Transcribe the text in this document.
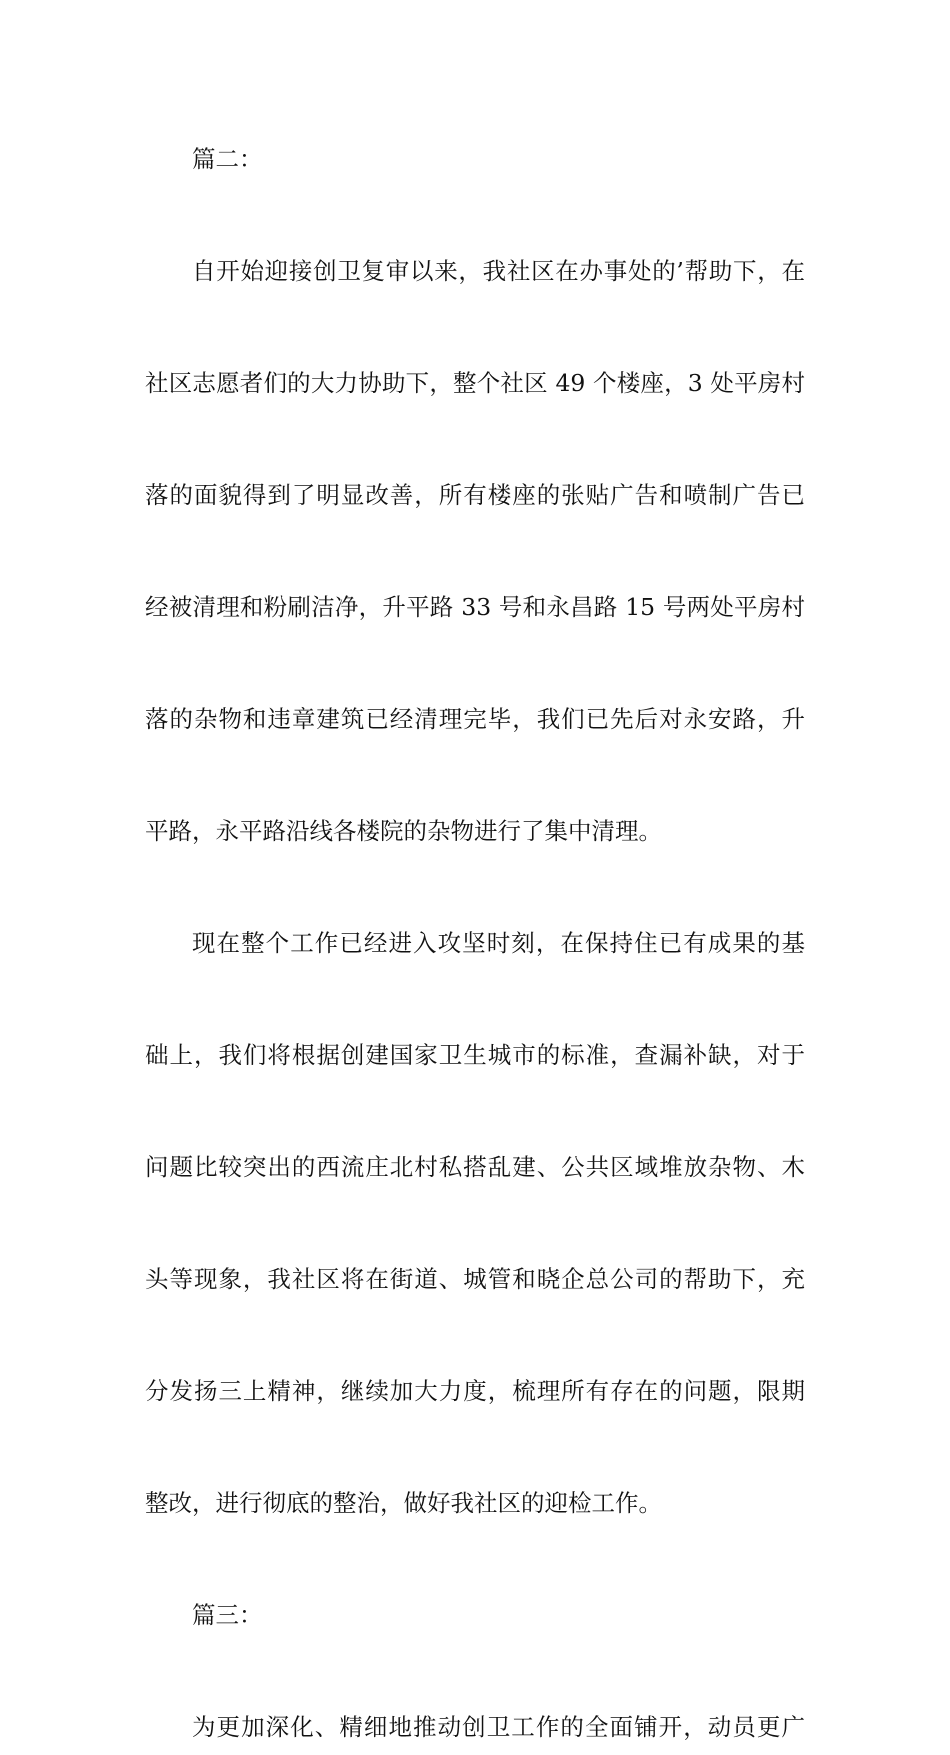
篇二：
自开始迎接创卫复审以来，我社区在办事处的’帮助下，在
社区志愿者们的大力协助下，整个社区 49 个楼座，3 处平房村
落的面貌得到了明显改善，所有楼座的张贴广告和喷制广告已
经被清理和粉刷洁净，升平路 33 号和永昌路 15 号两处平房村
落的杂物和违章建筑已经清理完毕，我们已先后对永安路，升
平路，永平路沿线各楼院的杂物进行了集中清理。
现在整个工作已经进入攻坚时刻，在保持住已有成果的基
础上，我们将根据创建国家卫生城市的标准，查漏补缺，对于
问题比较突出的西流庄北村私搭乱建、公共区域堆放杂物、木
头等现象，我社区将在街道、城管和晓企总公司的帮助下，充
分发扬三上精神，继续加大力度，梳理所有存在的问题，限期
整改，进行彻底的整治，做好我社区的迎检工作。
篇三：
为更加深化、精细地推动创卫工作的全面铺开，动员更广
